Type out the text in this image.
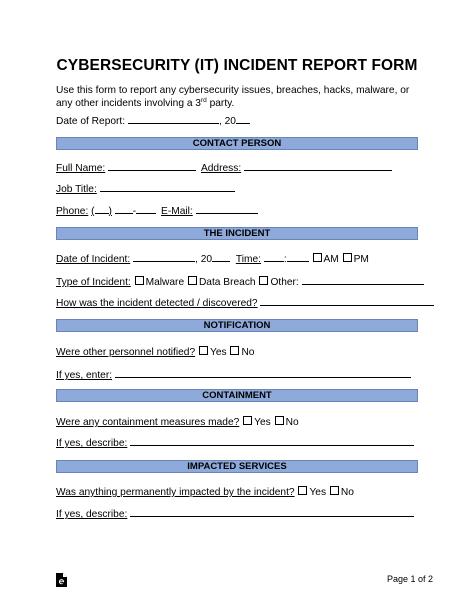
CYBERSECURITY (IT) INCIDENT REPORT FORM
Use this form to report any cybersecurity issues, breaches, hacks, malware, or any other incidents involving a 3rd party.
Date of Report:	, 20
CONTACT PERSON
Full Name:	Address:
Job Title:
Phone: ( ) - E-Mail:
THE INCIDENT
Date of Incident:	, 20 Time: :	AM PM
Type of Incident: Malware Data Breach Other:
How was the incident detected / discovered?
NOTIFICATION
Were other personnel notified? Yes No
If yes, enter:
CONTAINMENT
Were any containment measures made? Yes No
If yes, describe:
IMPACTED SERVICES
Was anything permanently impacted by the incident? Yes No
If yes, describe:
Page 1 of 2
